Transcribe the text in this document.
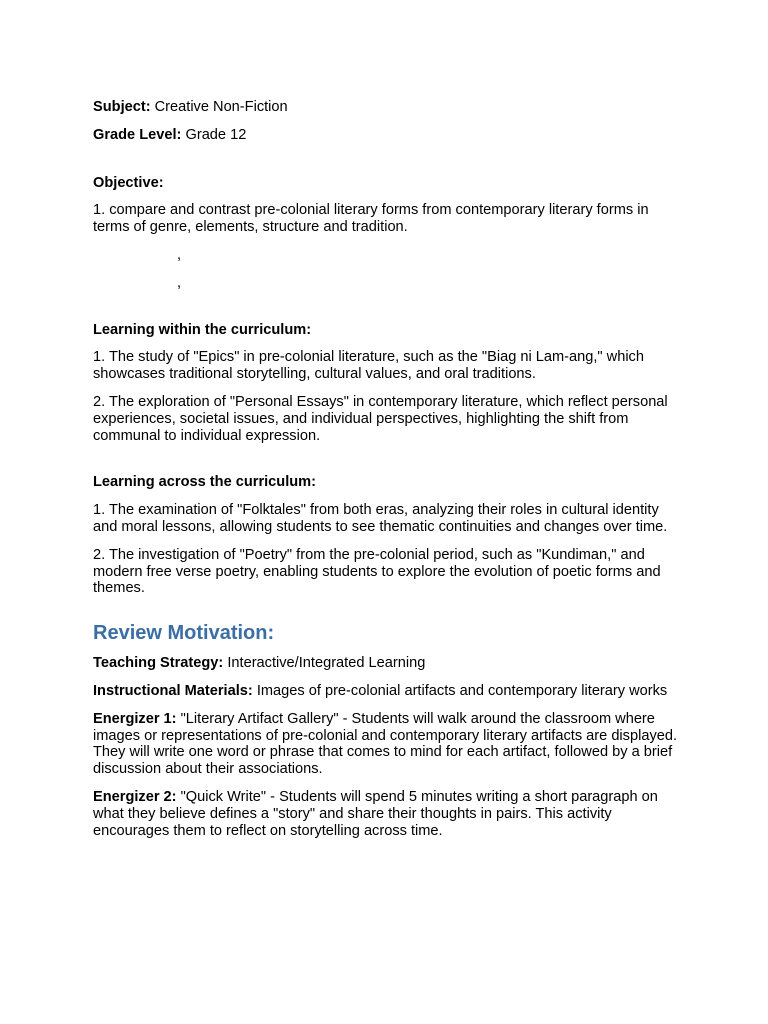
Subject: Creative Non-Fiction

Grade Level: Grade 12

Objective:

1. compare and contrast pre-colonial literary forms from contemporary literary forms in terms of genre, elements, structure and tradition.

,

,

Learning within the curriculum:

1. The study of "Epics" in pre-colonial literature, such as the "Biag ni Lam-ang," which showcases traditional storytelling, cultural values, and oral traditions.

2. The exploration of "Personal Essays" in contemporary literature, which reflect personal experiences, societal issues, and individual perspectives, highlighting the shift from communal to individual expression.

Learning across the curriculum:

1. The examination of "Folktales" from both eras, analyzing their roles in cultural identity and moral lessons, allowing students to see thematic continuities and changes over time.

2. The investigation of "Poetry" from the pre-colonial period, such as "Kundiman," and modern free verse poetry, enabling students to explore the evolution of poetic forms and themes.

Review Motivation:

Teaching Strategy: Interactive/Integrated Learning

Instructional Materials: Images of pre-colonial artifacts and contemporary literary works

Energizer 1: "Literary Artifact Gallery" - Students will walk around the classroom where images or representations of pre-colonial and contemporary literary artifacts are displayed. They will write one word or phrase that comes to mind for each artifact, followed by a brief discussion about their associations.

Energizer 2: "Quick Write" - Students will spend 5 minutes writing a short paragraph on what they believe defines a "story" and share their thoughts in pairs. This activity encourages them to reflect on storytelling across time.
